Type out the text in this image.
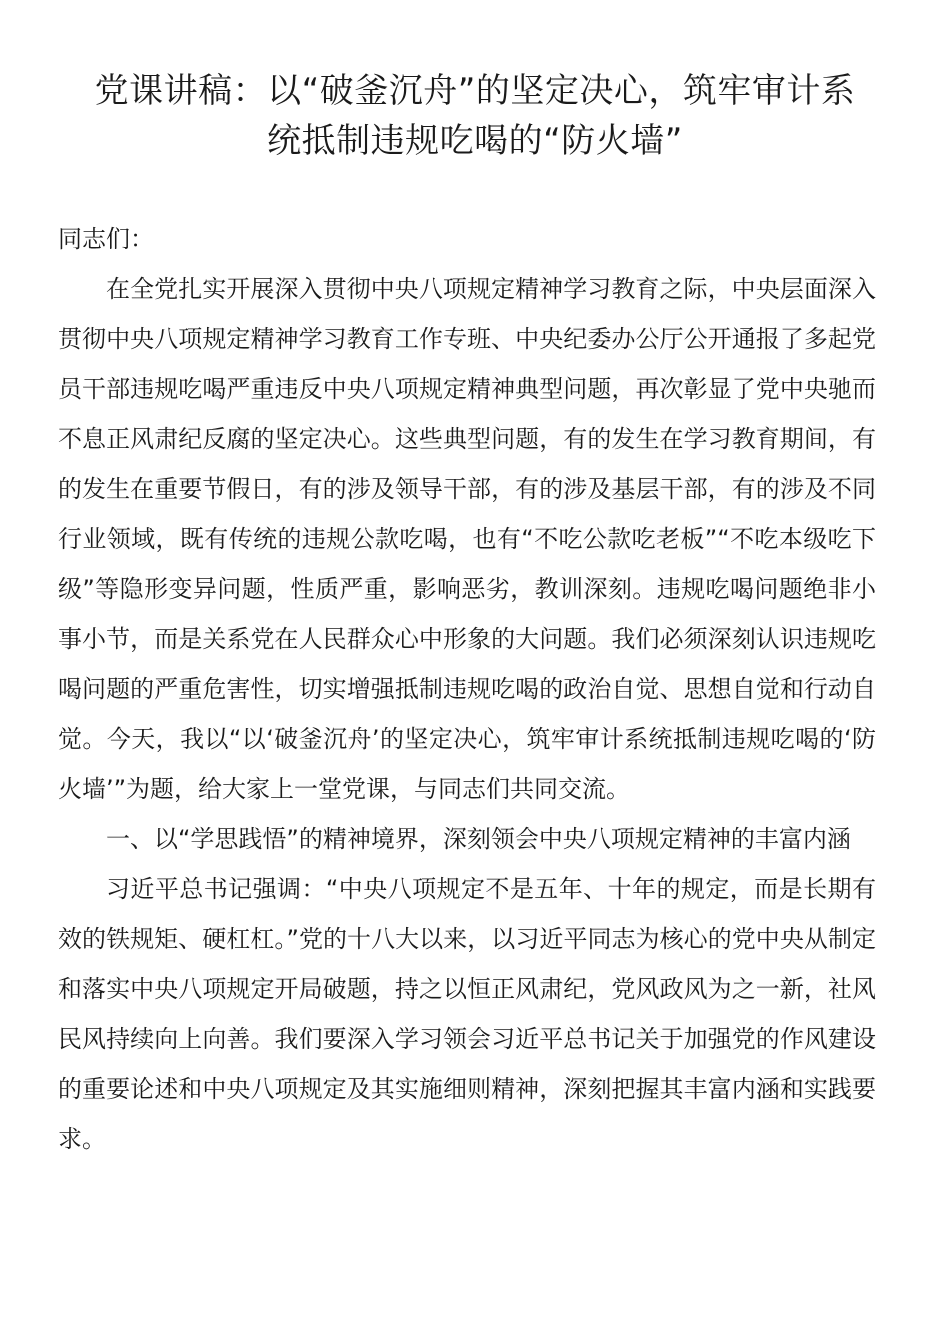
党课讲稿：以“破釜沉舟”的坚定决心，筑牢审计系
统抵制违规吃喝的“防火墙”

同志们：

在全党扎实开展深入贯彻中央八项规定精神学习教育之际，中央层面深入贯彻中央八项规定精神学习教育工作专班、中央纪委办公厅公开通报了多起党员干部违规吃喝严重违反中央八项规定精神典型问题，再次彰显了党中央驰而不息正风肃纪反腐的坚定决心。这些典型问题，有的发生在学习教育期间，有的发生在重要节假日，有的涉及领导干部，有的涉及基层干部，有的涉及不同行业领域，既有传统的违规公款吃喝，也有“不吃公款吃老板”“不吃本级吃下级”等隐形变异问题，性质严重，影响恶劣，教训深刻。违规吃喝问题绝非小事小节，而是关系党在人民群众心中形象的大问题。我们必须深刻认识违规吃喝问题的严重危害性，切实增强抵制违规吃喝的政治自觉、思想自觉和行动自觉。今天，我以“以‘破釜沉舟’的坚定决心，筑牢审计系统抵制违规吃喝的‘防火墙’”为题，给大家上一堂党课，与同志们共同交流。

一、以“学思践悟”的精神境界，深刻领会中央八项规定精神的丰富内涵

习近平总书记强调：“中央八项规定不是五年、十年的规定，而是长期有效的铁规矩、硬杠杠。”党的十八大以来，以习近平同志为核心的党中央从制定和落实中央八项规定开局破题，持之以恒正风肃纪，党风政风为之一新，社风民风持续向上向善。我们要深入学习领会习近平总书记关于加强党的作风建设的重要论述和中央八项规定及其实施细则精神，深刻把握其丰富内涵和实践要求。
